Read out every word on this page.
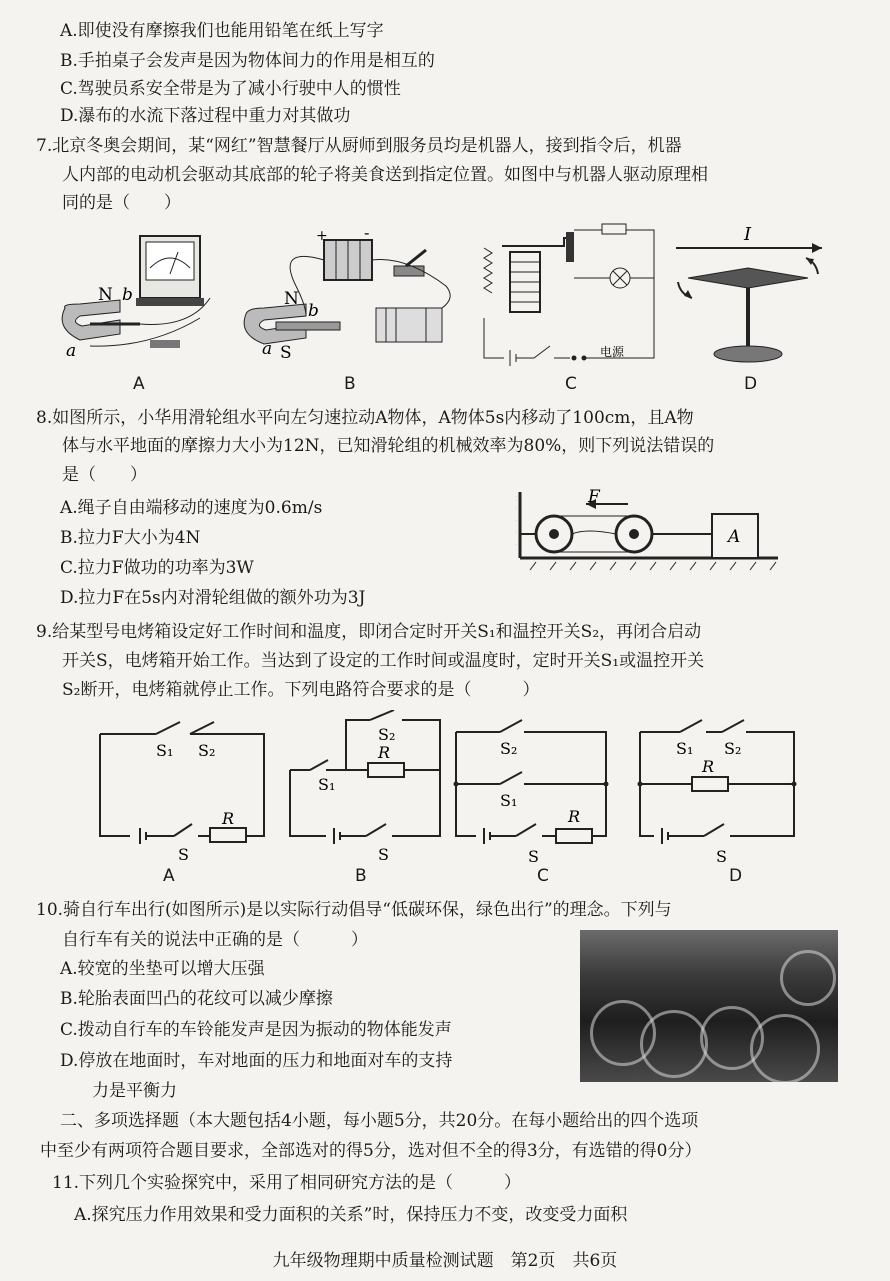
A.即使没有摩擦我们也能用铅笔在纸上写字
B.手拍桌子会发声是因为物体间力的作用是相互的
C.驾驶员系安全带是为了减小行驶中人的惯性
D.瀑布的水流下落过程中重力对其做功
7.北京冬奥会期间，某“网红”智慧餐厅从厨师到服务员均是机器人，接到指令后，机器
人内部的电动机会驱动其底部的轮子将美食送到指定位置。如图中与机器人驱动原理相
同的是（　　）
N b
a
A
+ -
N
b
a S
B
电源
C
I
D
8.如图所示，小华用滑轮组水平向左匀速拉动A物体，A物体5s内移动了100cm，且A物
体与水平地面的摩擦力大小为12N，已知滑轮组的机械效率为80%，则下列说法错误的
是（　　）
A.绳子自由端移动的速度为0.6m/s
B.拉力F大小为4N
C.拉力F做功的功率为3W
D.拉力F在5s内对滑轮组做的额外功为3J
F
A
9.给某型号电烤箱设定好工作时间和温度，即闭合定时开关S₁和温控开关S₂，再闭合启动
开关S，电烤箱开始工作。当达到了设定的工作时间或温度时，定时开关S₁或温控开关
S₂断开，电烤箱就停止工作。下列电路符合要求的是（　　　）
S₁ S₂
R
S
A
S₂
R
S₁
S
B
S₂
S₁
R
S
C
S₁ S₂
R
S
D
10.骑自行车出行(如图所示)是以实际行动倡导“低碳环保，绿色出行”的理念。下列与
自行车有关的说法中正确的是（　　　）
A.较宽的坐垫可以增大压强
B.轮胎表面凹凸的花纹可以减少摩擦
C.拨动自行车的车铃能发声是因为振动的物体能发声
D.停放在地面时，车对地面的压力和地面对车的支持
力是平衡力
二、多项选择题（本大题包括4小题，每小题5分，共20分。在每小题给出的四个选项
中至少有两项符合题目要求，全部选对的得5分，选对但不全的得3分，有选错的得0分）
11.下列几个实验探究中，采用了相同研究方法的是（　　　）
A.探究压力作用效果和受力面积的关系”时，保持压力不变，改变受力面积
九年级物理期中质量检测试题　第2页　共6页
